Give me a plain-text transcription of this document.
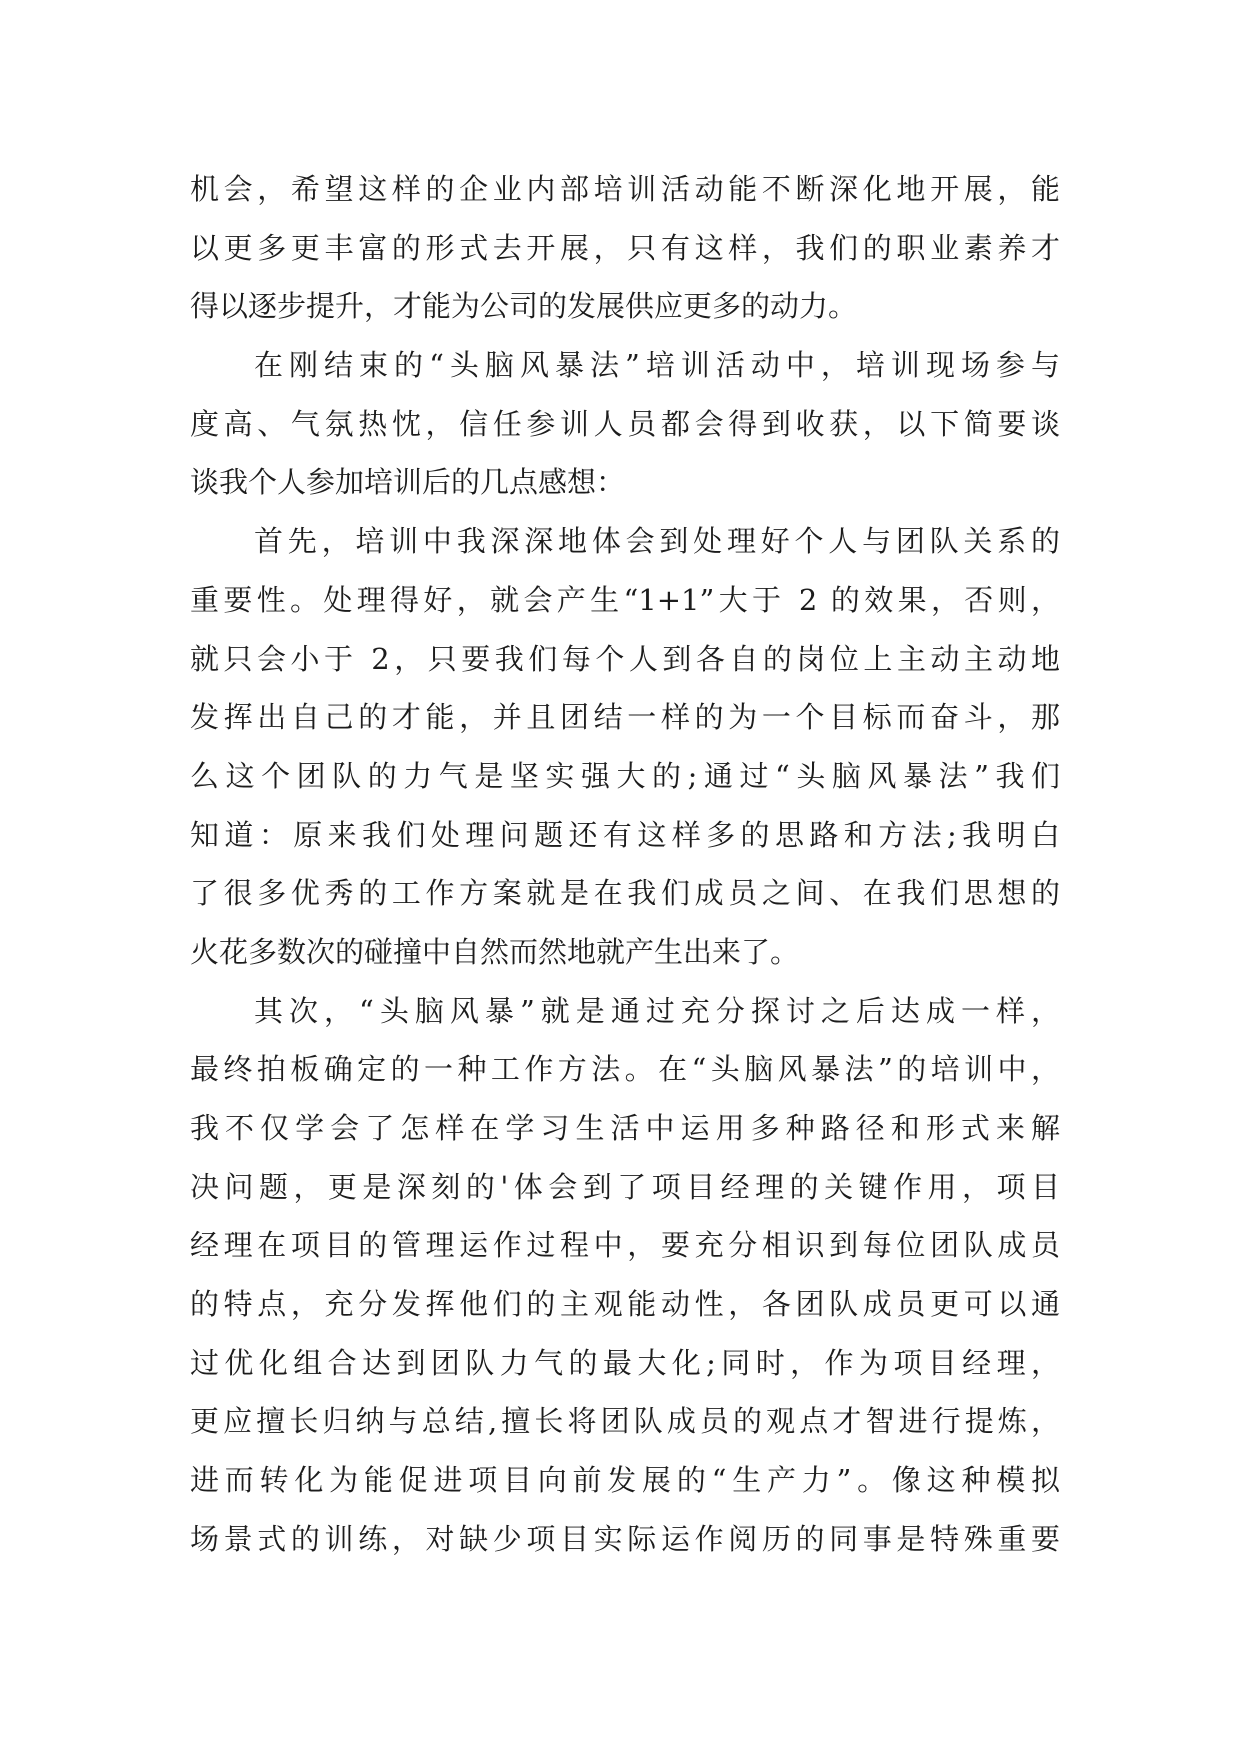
机会，希望这样的企业内部培训活动能不断深化地开展，能
以更多更丰富的形式去开展，只有这样，我们的职业素养才
得以逐步提升，才能为公司的发展供应更多的动力。
在刚结束的“头脑风暴法”培训活动中，培训现场参与
度高、气氛热忱，信任参训人员都会得到收获，以下简要谈
谈我个人参加培训后的几点感想：
首先，培训中我深深地体会到处理好个人与团队关系的
重要性。处理得好，就会产生“1+1”大于 2 的效果，否则，
就只会小于 2，只要我们每个人到各自的岗位上主动主动地
发挥出自己的才能，并且团结一样的为一个目标而奋斗，那
么这个团队的力气是坚实强大的;通过“头脑风暴法”我们
知道：原来我们处理问题还有这样多的思路和方法;我明白
了很多优秀的工作方案就是在我们成员之间、在我们思想的
火花多数次的碰撞中自然而然地就产生出来了。
其次，“头脑风暴”就是通过充分探讨之后达成一样，
最终拍板确定的一种工作方法。在“头脑风暴法”的培训中，
我不仅学会了怎样在学习生活中运用多种路径和形式来解
决问题，更是深刻的'体会到了项目经理的关键作用，项目
经理在项目的管理运作过程中，要充分相识到每位团队成员
的特点，充分发挥他们的主观能动性，各团队成员更可以通
过优化组合达到团队力气的最大化;同时，作为项目经理，
更应擅长归纳与总结,擅长将团队成员的观点才智进行提炼，
进而转化为能促进项目向前发展的“生产力”。像这种模拟
场景式的训练，对缺少项目实际运作阅历的同事是特殊重要
